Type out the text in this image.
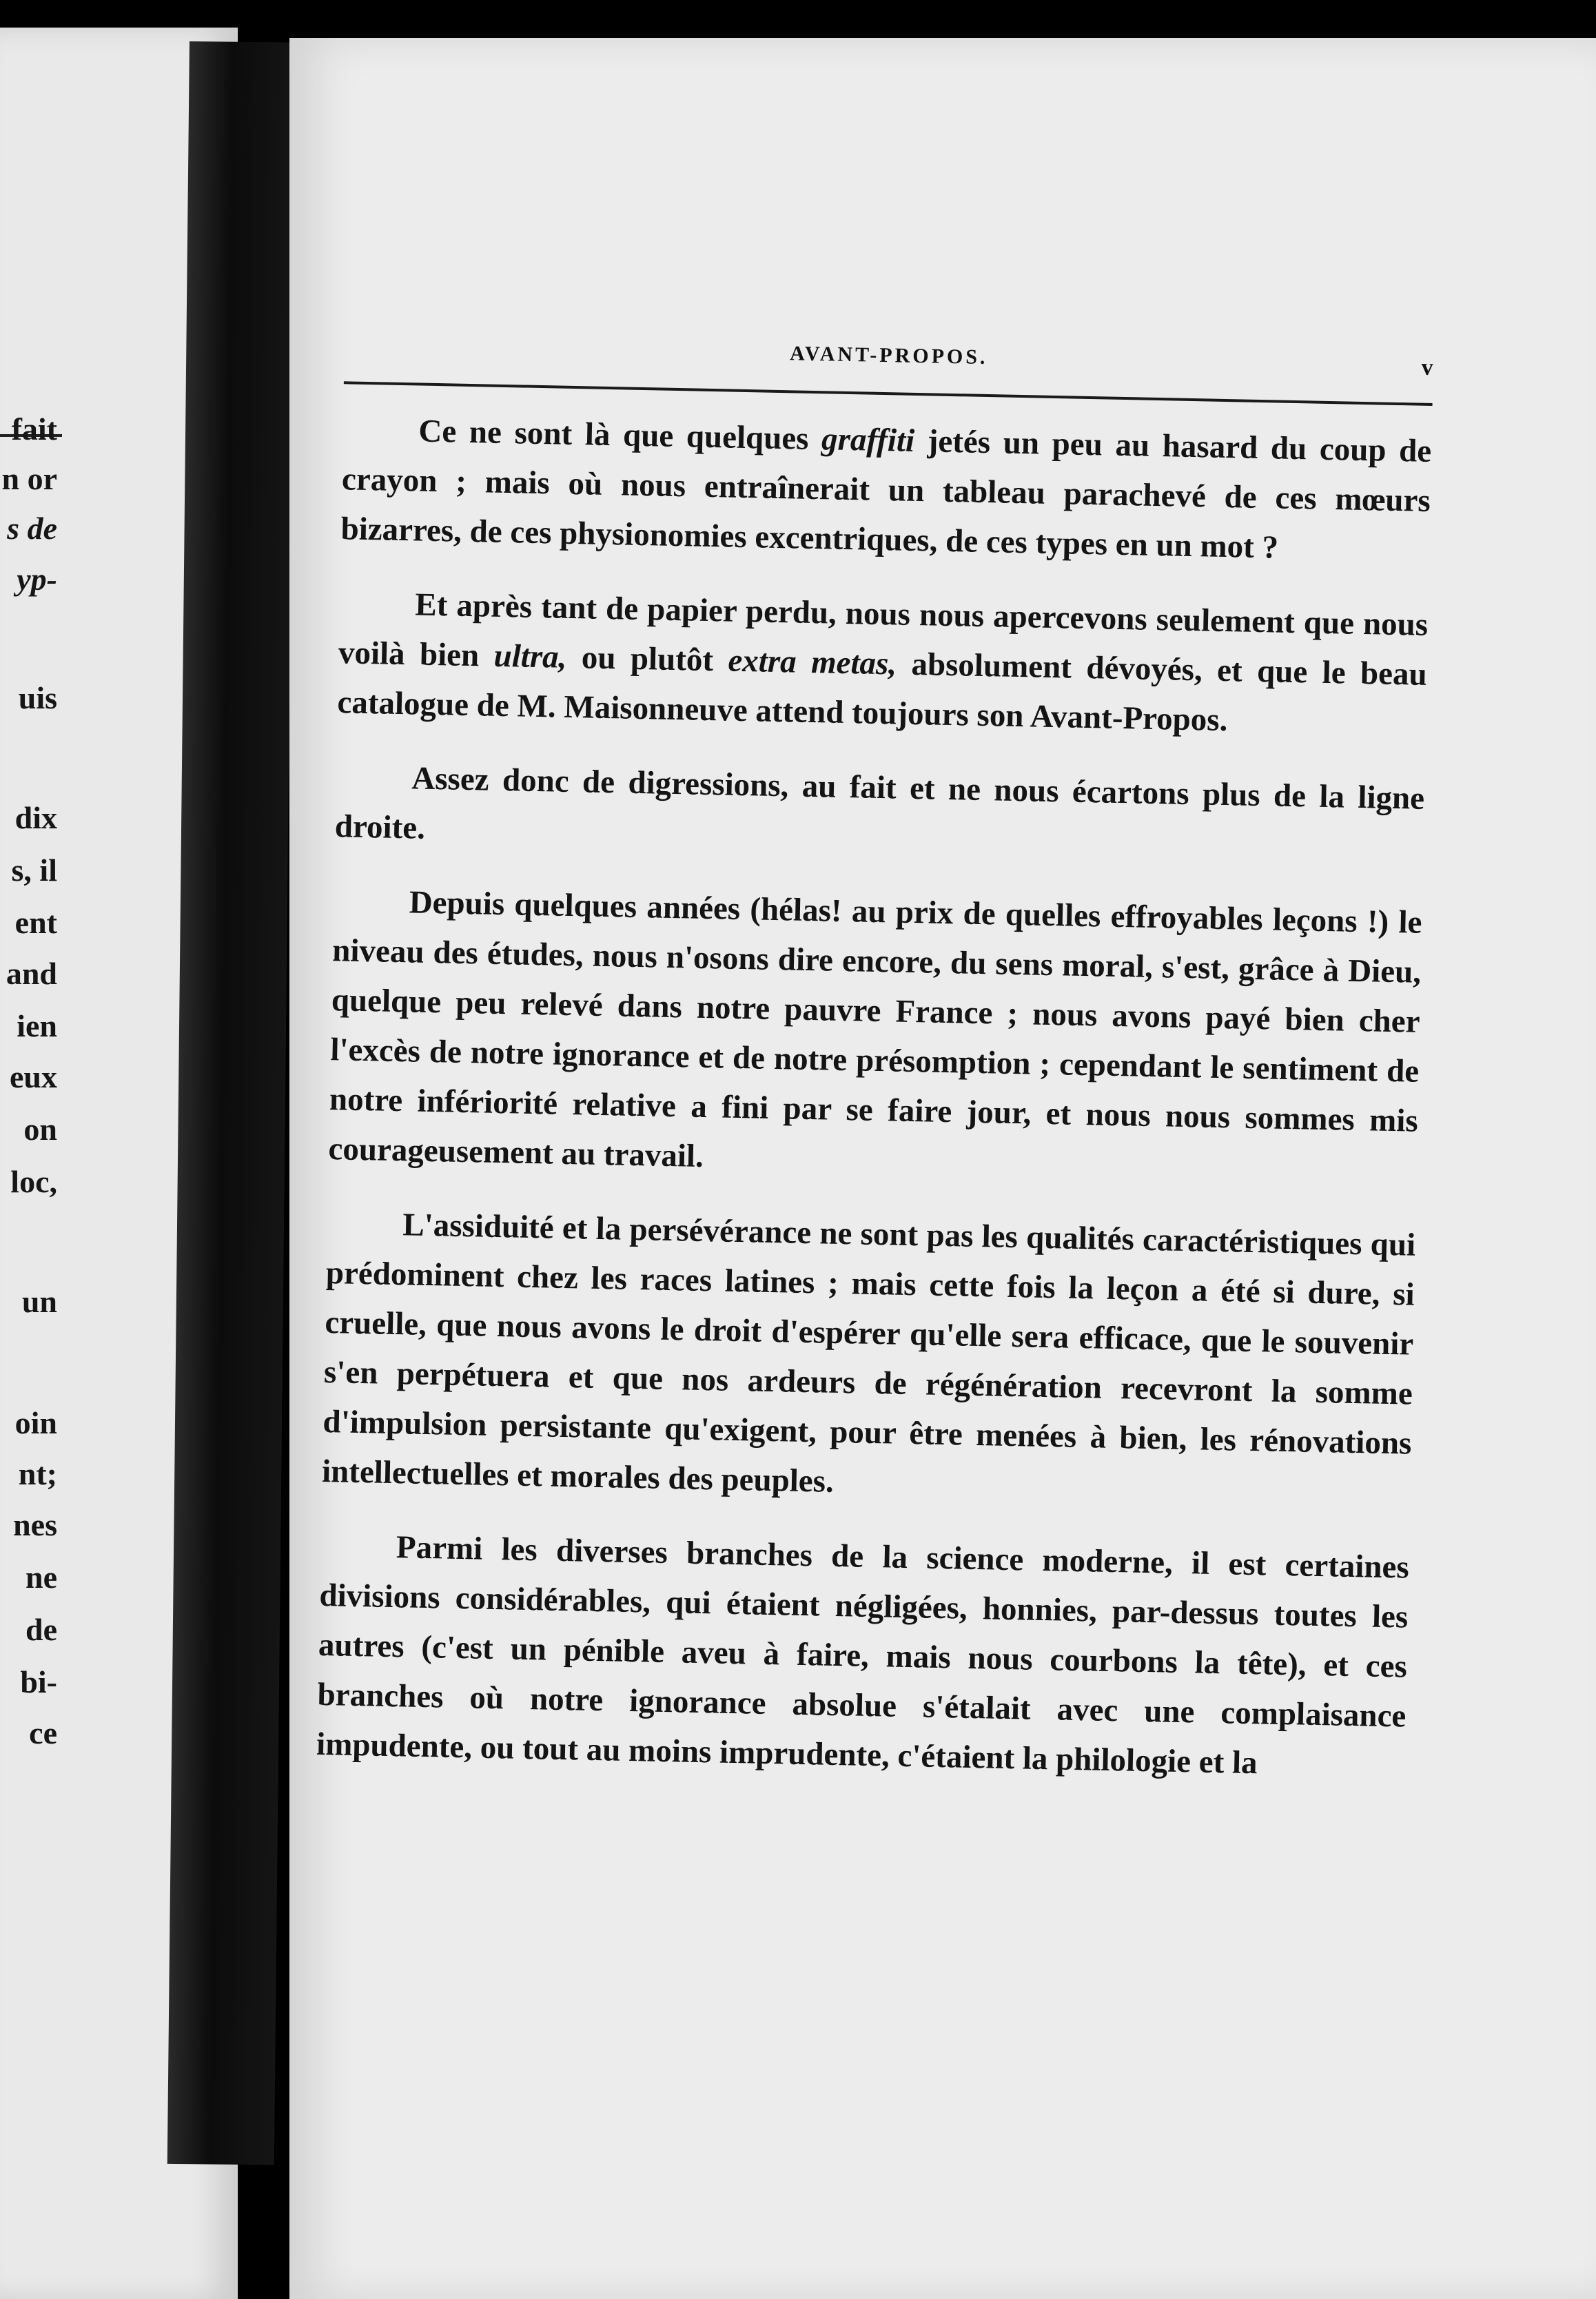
fait
n or
s de
yp-
uis
dix
s, il
ent
and
ien
eux
on
loc,
un
oin
nt;
nes
ne
de
bi-
ce
AVANT-PROPOS.	v

Ce ne sont là que quelques graffiti jetés un peu au hasard du coup de crayon ; mais où nous entraînerait un tableau parachevé de ces mœurs bizarres, de ces physionomies excentriques, de ces types en un mot ?

Et après tant de papier perdu, nous nous apercevons seulement que nous voilà bien ultra, ou plutôt extra metas, absolument dévoyés, et que le beau catalogue de M. Maisonneuve attend toujours son Avant-Propos.

Assez donc de digressions, au fait et ne nous écartons plus de la ligne droite.

Depuis quelques années (hélas! au prix de quelles effroyables leçons !) le niveau des études, nous n'osons dire encore, du sens moral, s'est, grâce à Dieu, quelque peu relevé dans notre pauvre France ; nous avons payé bien cher l'excès de notre ignorance et de notre présomption ; cependant le sentiment de notre infériorité relative a fini par se faire jour, et nous nous sommes mis courageusement au travail.

L'assiduité et la persévérance ne sont pas les qualités caractéristiques qui prédominent chez les races latines ; mais cette fois la leçon a été si dure, si cruelle, que nous avons le droit d'espérer qu'elle sera efficace, que le souvenir s'en perpétuera et que nos ardeurs de régénération recevront la somme d'impulsion persistante qu'exigent, pour être menées à bien, les rénovations intellectuelles et morales des peuples.

Parmi les diverses branches de la science moderne, il est certaines divisions considérables, qui étaient négligées, honnies, par-dessus toutes les autres (c'est un pénible aveu à faire, mais nous courbons la tête), et ces branches où notre ignorance absolue s'étalait avec une complaisance impudente, ou tout au moins imprudente, c'étaient la philologie et la
